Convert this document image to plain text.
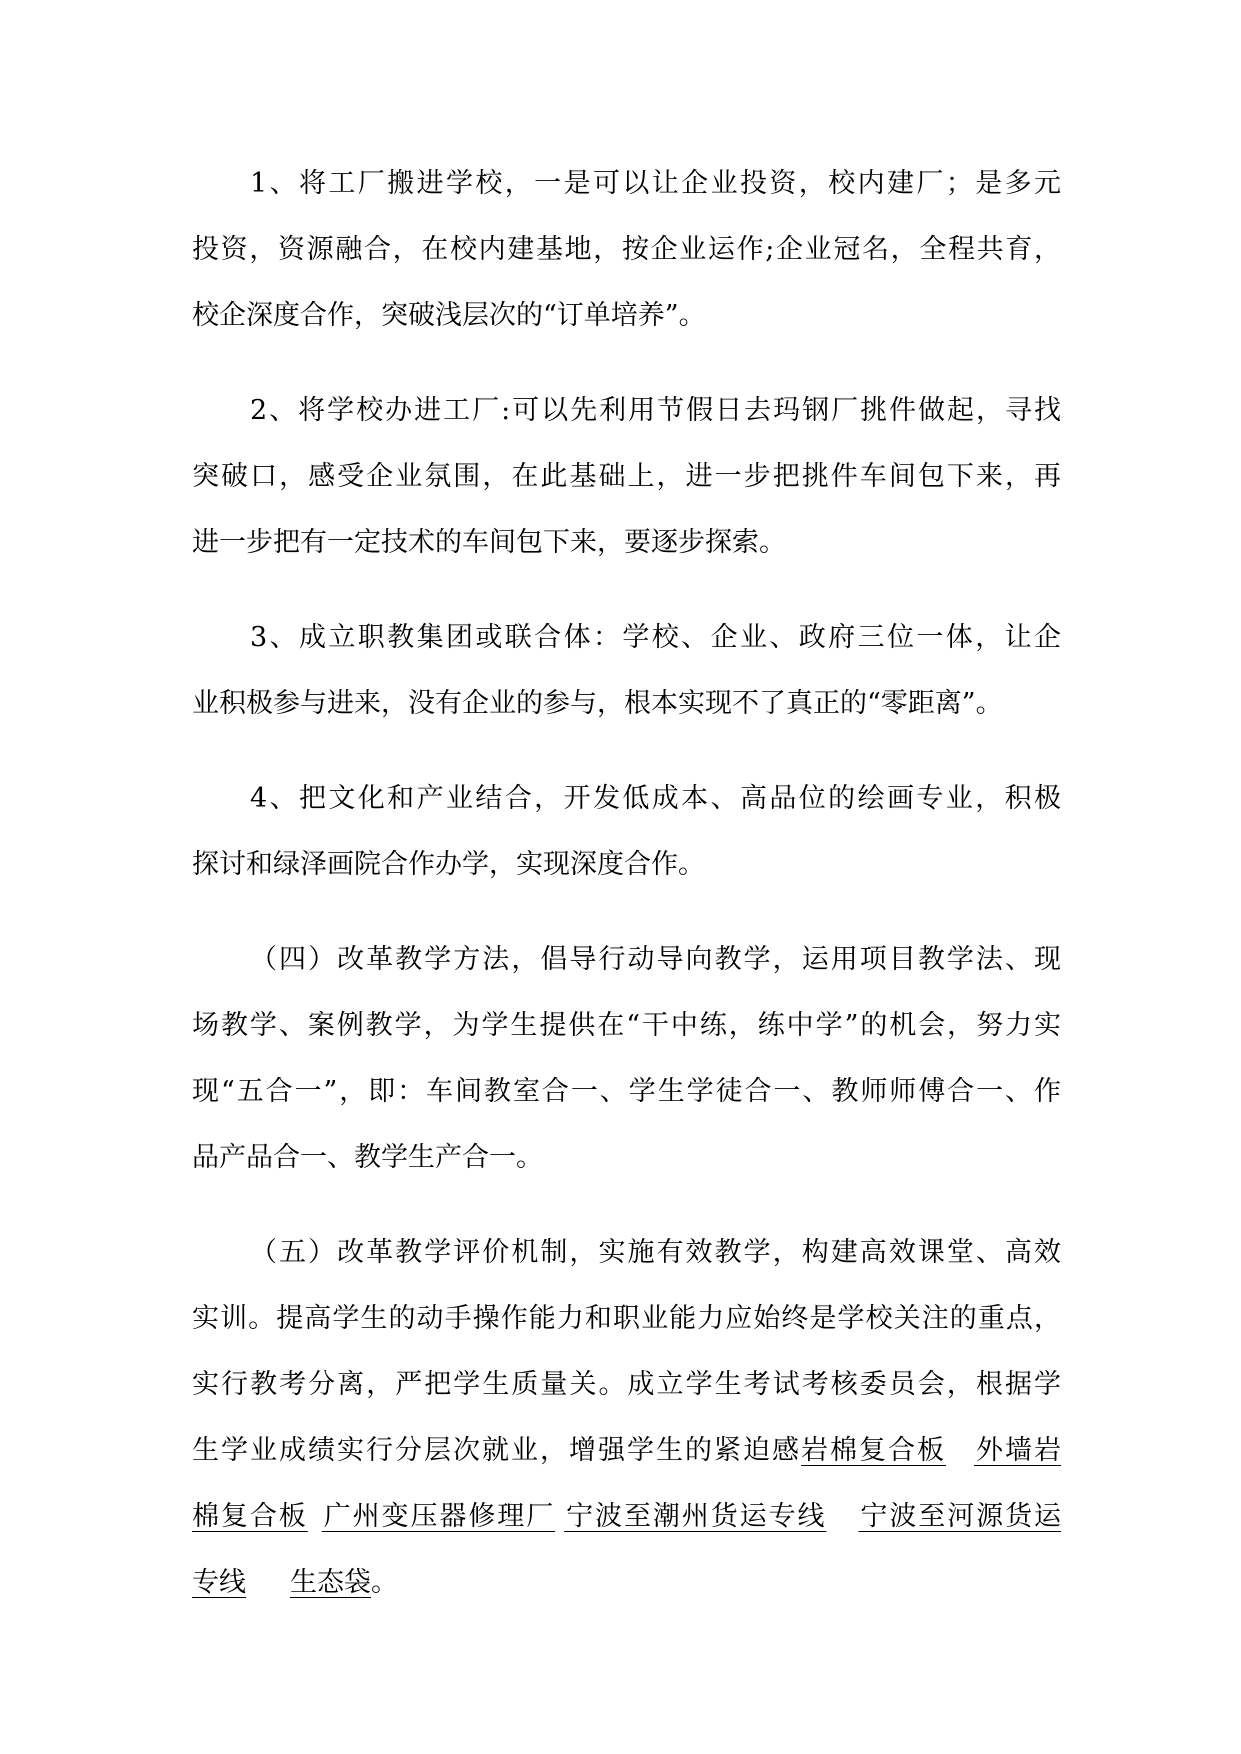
1、将工厂搬进学校，一是可以让企业投资，校内建厂；是多元
投资，资源融合，在校内建基地，按企业运作;企业冠名，全程共育，
校企深度合作，突破浅层次的“订单培养”。
2、将学校办进工厂:可以先利用节假日去玛钢厂挑件做起，寻找
突破口，感受企业氛围，在此基础上，进一步把挑件车间包下来，再
进一步把有一定技术的车间包下来，要逐步探索。
3、成立职教集团或联合体：学校、企业、政府三位一体，让企
业积极参与进来，没有企业的参与，根本实现不了真正的“零距离”。
4、把文化和产业结合，开发低成本、高品位的绘画专业，积极
探讨和绿泽画院合作办学，实现深度合作。
（四）改革教学方法，倡导行动导向教学，运用项目教学法、现
场教学、案例教学，为学生提供在“干中练，练中学”的机会，努力实
现“五合一”，即：车间教室合一、学生学徒合一、教师师傅合一、作
品产品合一、教学生产合一。
（五）改革教学评价机制，实施有效教学，构建高效课堂、高效
实训。提高学生的动手操作能力和职业能力应始终是学校关注的重点，
实行教考分离，严把学生质量关。成立学生考试考核委员会，根据学
生学业成绩实行分层次就业，增强学生的紧迫感岩棉复合板 外墙岩
棉复合板 广州变压器修理厂 宁波至潮州货运专线 宁波至河源货运
专线 生态袋。
